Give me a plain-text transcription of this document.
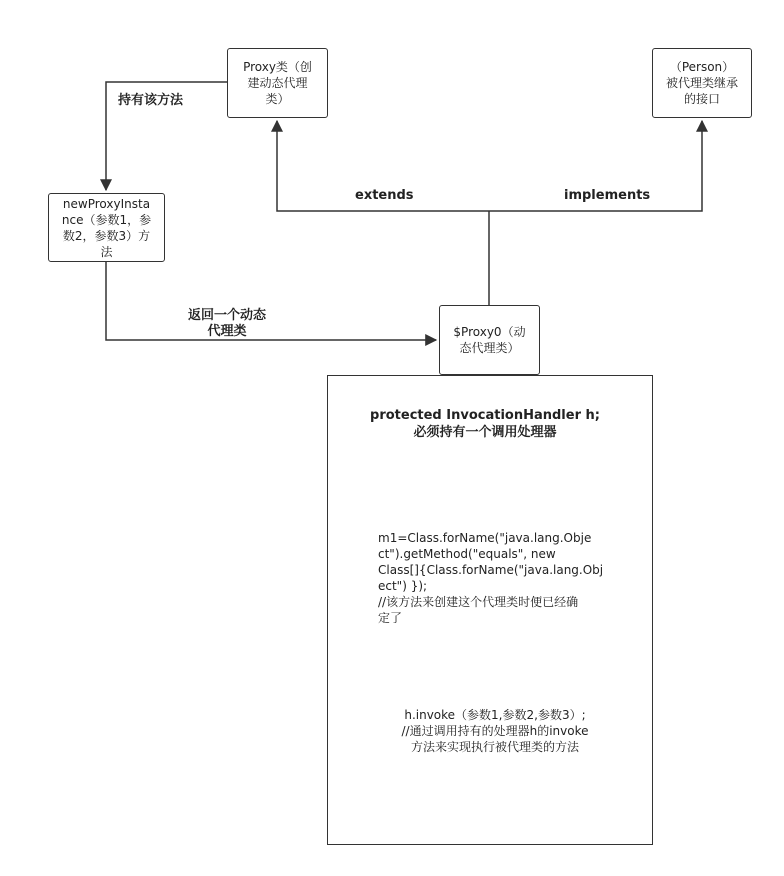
Proxy类（创
建动态代理
类）
（Person）
被代理类继承
的接口
newProxyInsta
nce（参数1，参
数2，参数3）方
法
$Proxy0（动
态代理类）
持有该方法
extends	implements
返回一个动态
代理类
protected InvocationHandler h;
必须持有一个调用处理器
m1=Class.forName("java.lang.Obje
ct").getMethod("equals", new
Class[]{Class.forName("java.lang.Obj
ect") });
//该方法来创建这个代理类时便已经确
定了
h.invoke（参数1,参数2,参数3）;
//通过调用持有的处理器h的invoke
方法来实现执行被代理类的方法
